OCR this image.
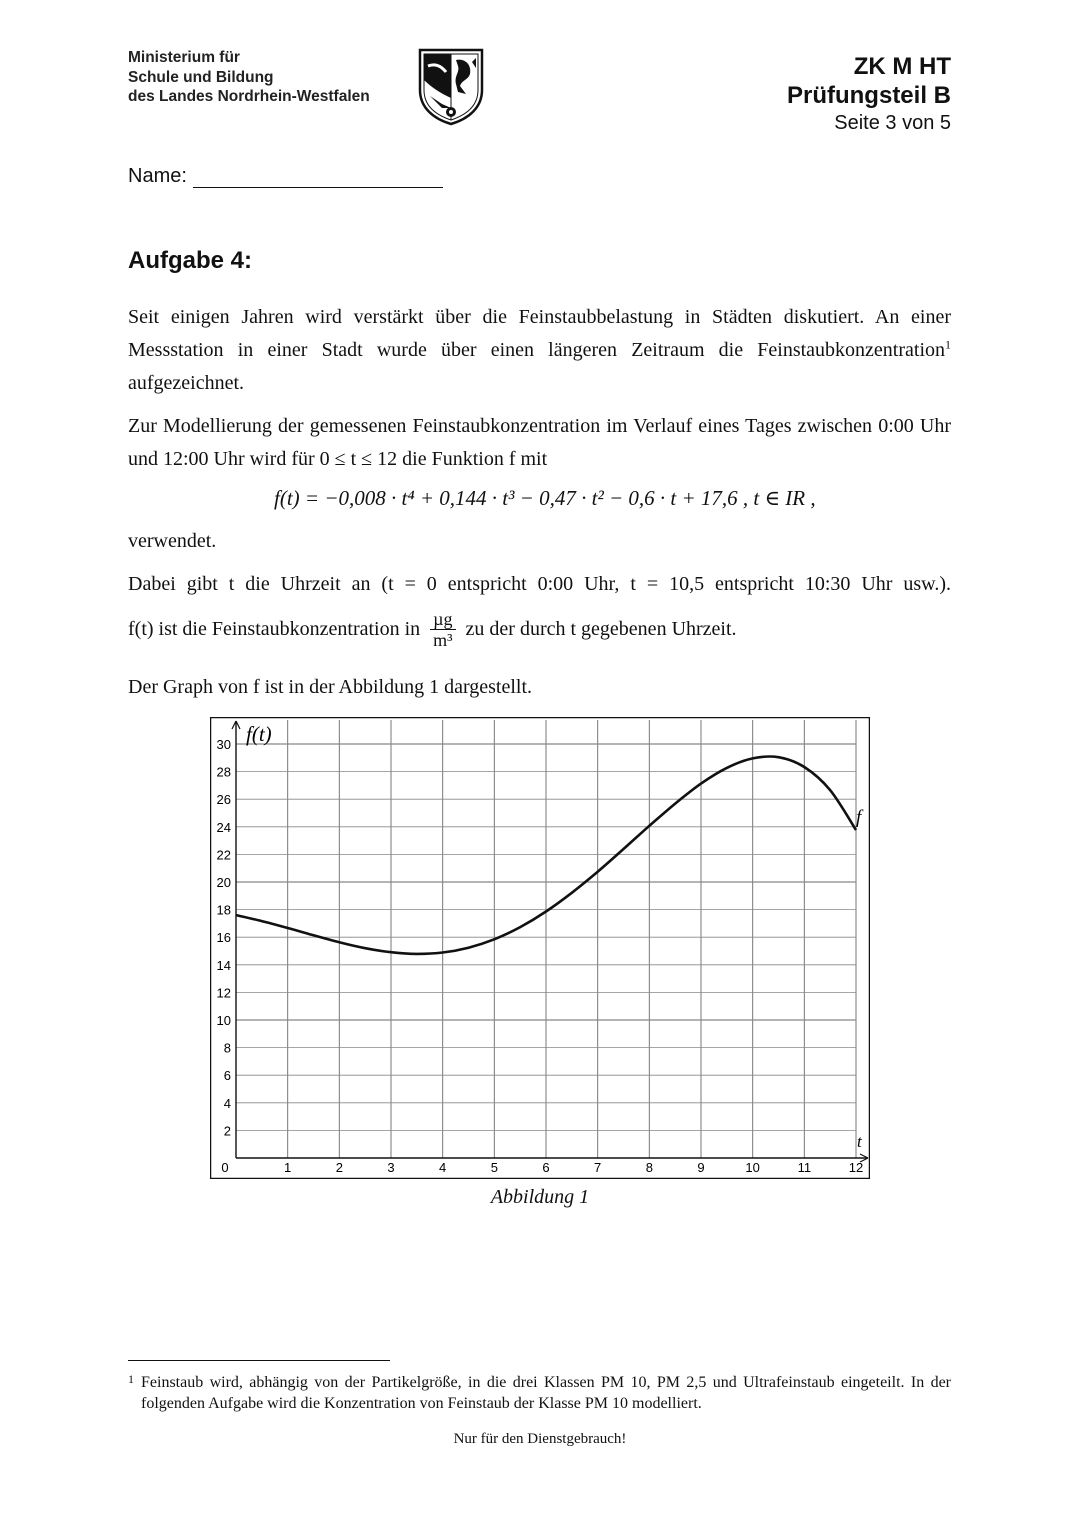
Ministerium für
Schule und Bildung
des Landes Nordrhein-Westfalen
ZK M HT
Prüfungsteil B
Seite 3 von 5
Name:
Aufgabe 4:

Seit einigen Jahren wird verstärkt über die Feinstaubbelastung in Städten diskutiert. An einer Messstation in einer Stadt wurde über einen längeren Zeitraum die Feinstaubkonzentration$^1$ aufgezeichnet.

Zur Modellierung der gemessenen Feinstaubkonzentration im Verlauf eines Tages zwischen 0:00 Uhr und 12:00 Uhr wird für 0 ≤ t ≤ 12 die Funktion f mit
f(t) = −0,008 · t⁴ + 0,144 · t³ − 0,47 · t² − 0,6 · t + 17,6 , t ∈ IR ,
verwendet.
Dabei gibt t die Uhrzeit an (t = 0 entspricht 0:00 Uhr, t = 10,5 entspricht 10:30 Uhr usw.).
f(t) ist die Feinstaubkonzentration in $\frac{\text{µg}}{\text{m³}}$ zu der durch t gegebenen Uhrzeit.
Der Graph von f ist in der Abbildung 1 dargestellt.
0	1	2	3	4	5	6	7	8	9	10	11	12
2
4
6
8
10
12
14
16
18
20
22
24
26
28
30 f(t)
t
f
Abbildung 1
1 Feinstaub wird, abhängig von der Partikelgröße, in die drei Klassen PM 10, PM 2,5 und Ultrafeinstaub eingeteilt. In der folgenden Aufgabe wird die Konzentration von Feinstaub der Klasse PM 10 modelliert.
Nur für den Dienstgebrauch!
